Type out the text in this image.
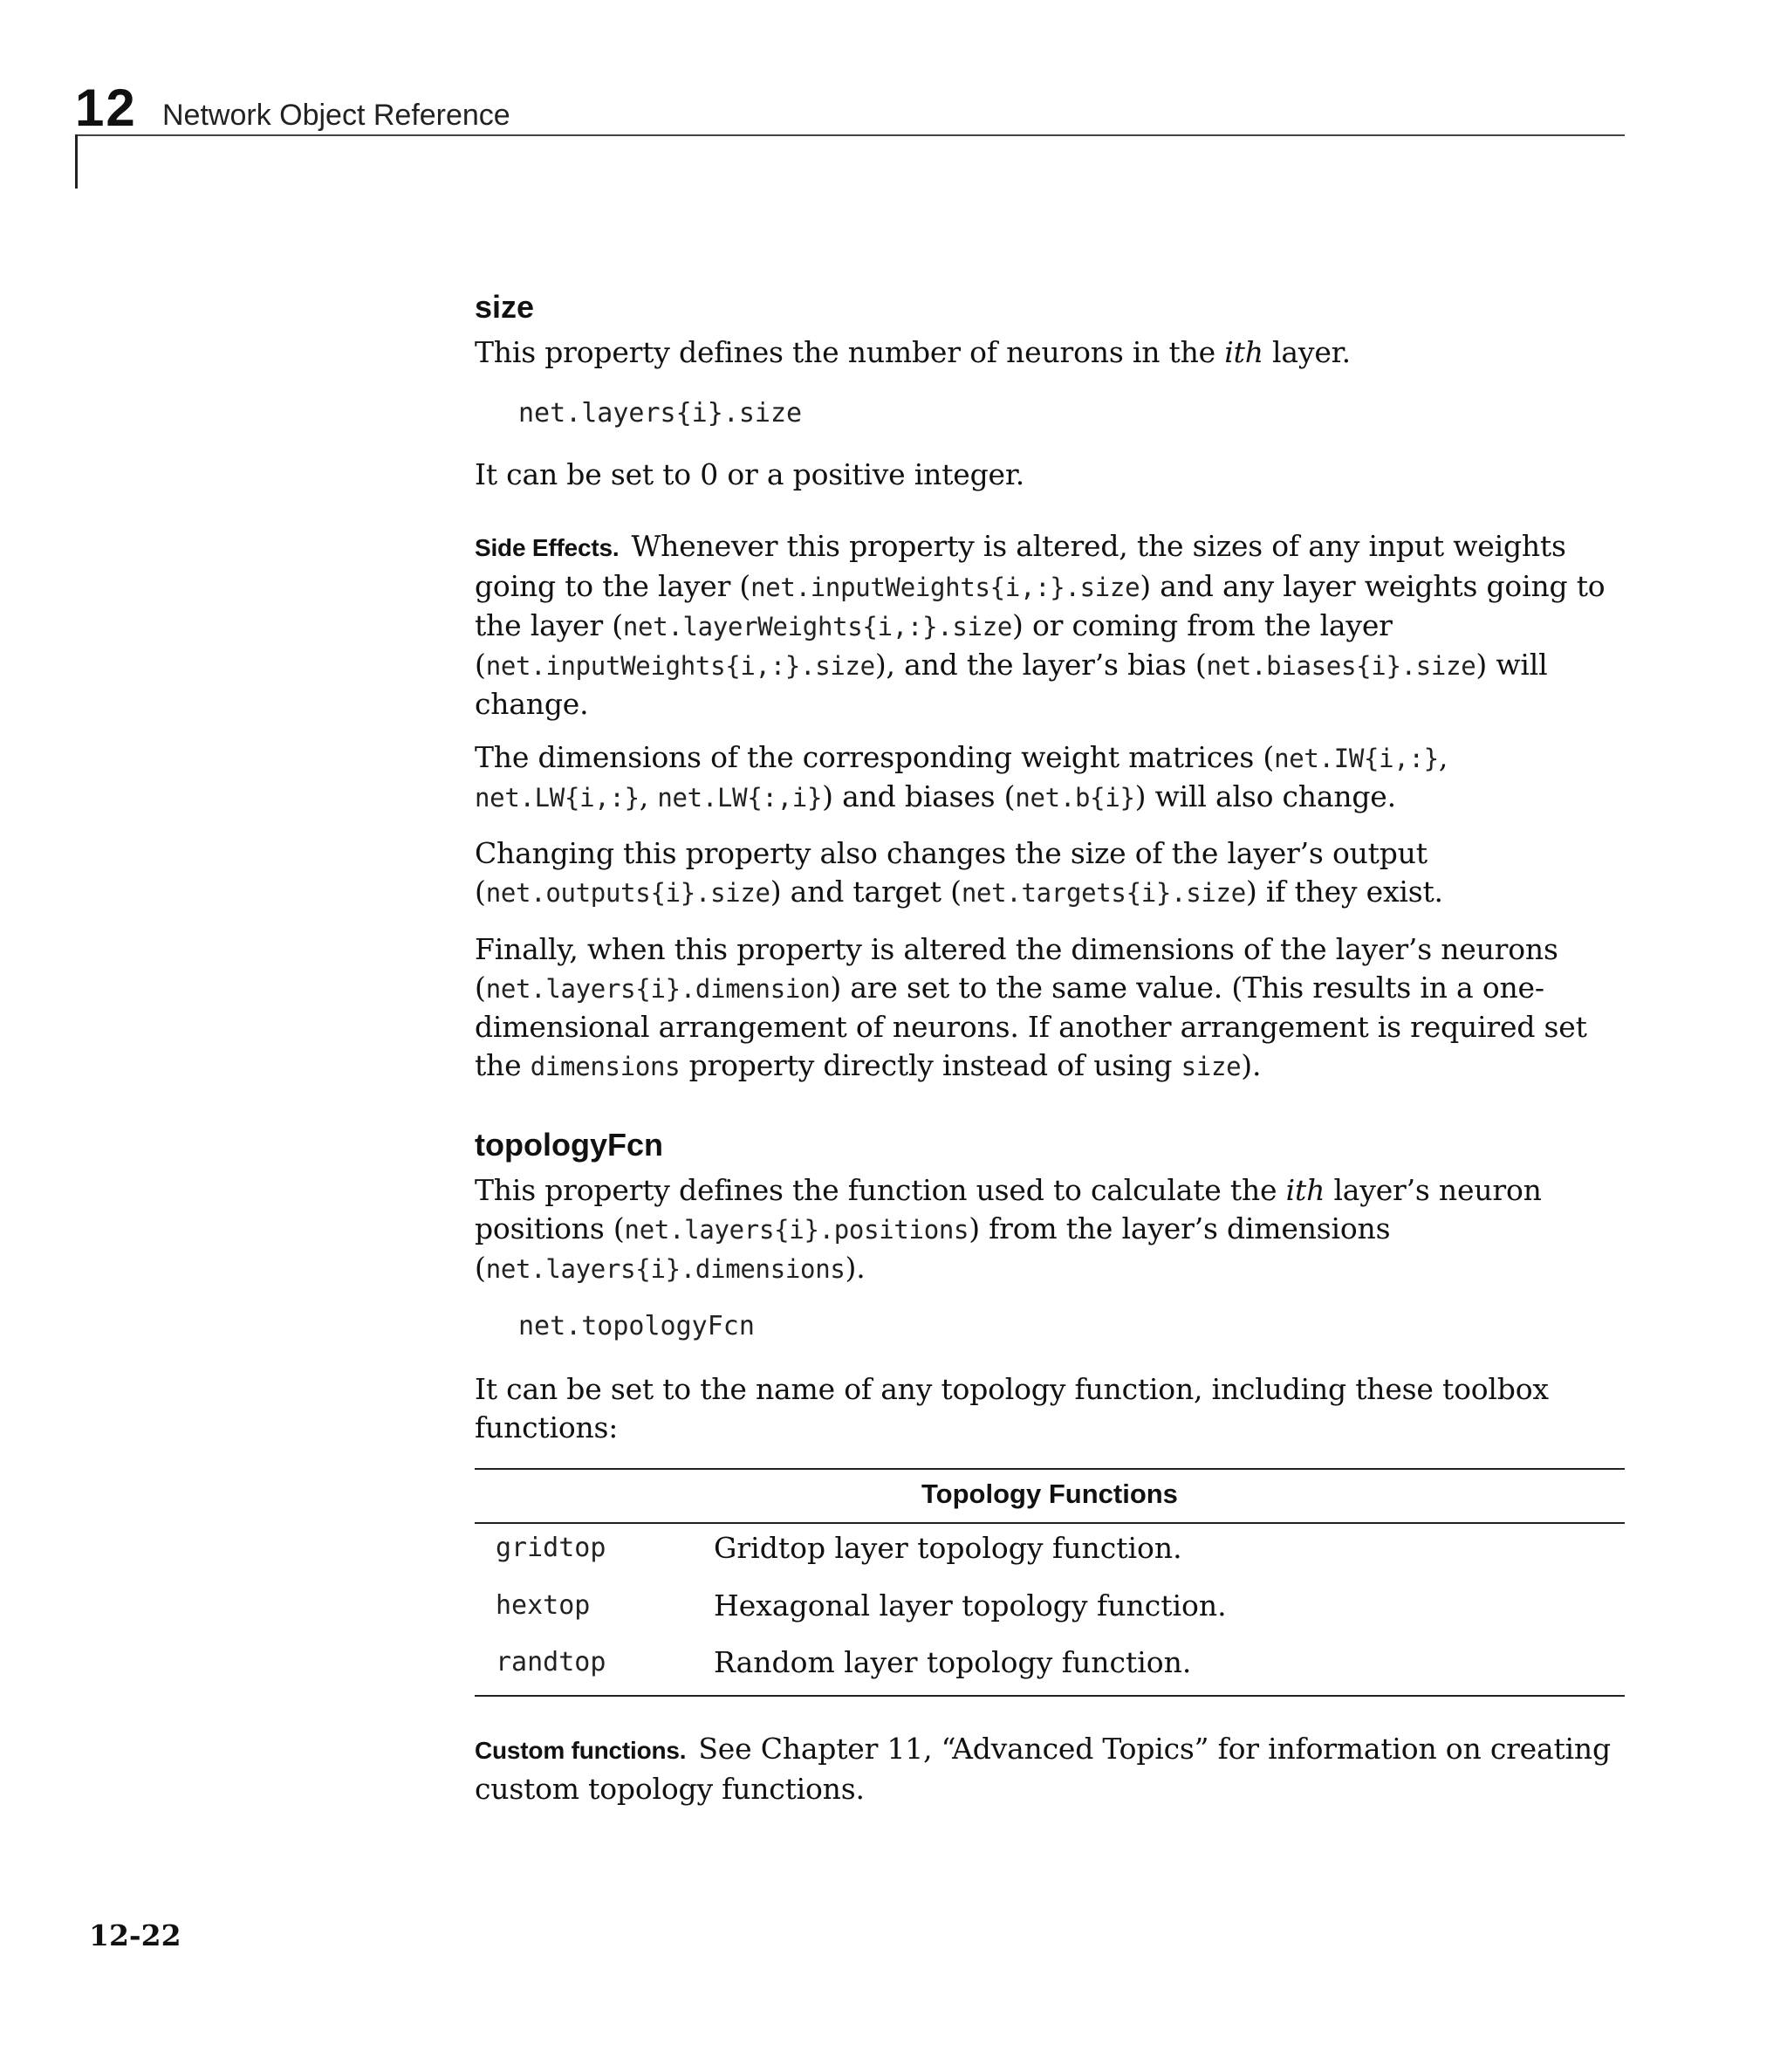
12 Network Object Reference
size
This property defines the number of neurons in the ith layer.
net.layers{i}.size
It can be set to 0 or a positive integer.
Side Effects. Whenever this property is altered, the sizes of any input weights going to the layer (net.inputWeights{i,:}.size) and any layer weights going to the layer (net.layerWeights{i,:}.size) or coming from the layer (net.inputWeights{i,:}.size), and the layer’s bias (net.biases{i}.size) will change.
The dimensions of the corresponding weight matrices (net.IW{i,:}, net.LW{i,:}, net.LW{:,i}) and biases (net.b{i}) will also change.
Changing this property also changes the size of the layer’s output (net.outputs{i}.size) and target (net.targets{i}.size) if they exist.
Finally, when this property is altered the dimensions of the layer’s neurons (net.layers{i}.dimension) are set to the same value. (This results in a one-dimensional arrangement of neurons. If another arrangement is required set the dimensions property directly instead of using size).
topologyFcn
This property defines the function used to calculate the ith layer’s neuron positions (net.layers{i}.positions) from the layer’s dimensions (net.layers{i}.dimensions).
net.topologyFcn
It can be set to the name of any topology function, including these toolbox functions:
Topology Functions
gridtop	Gridtop layer topology function.
hextop	Hexagonal layer topology function.
randtop	Random layer topology function.
Custom functions. See Chapter 11, “Advanced Topics” for information on creating custom topology functions.
12-22
